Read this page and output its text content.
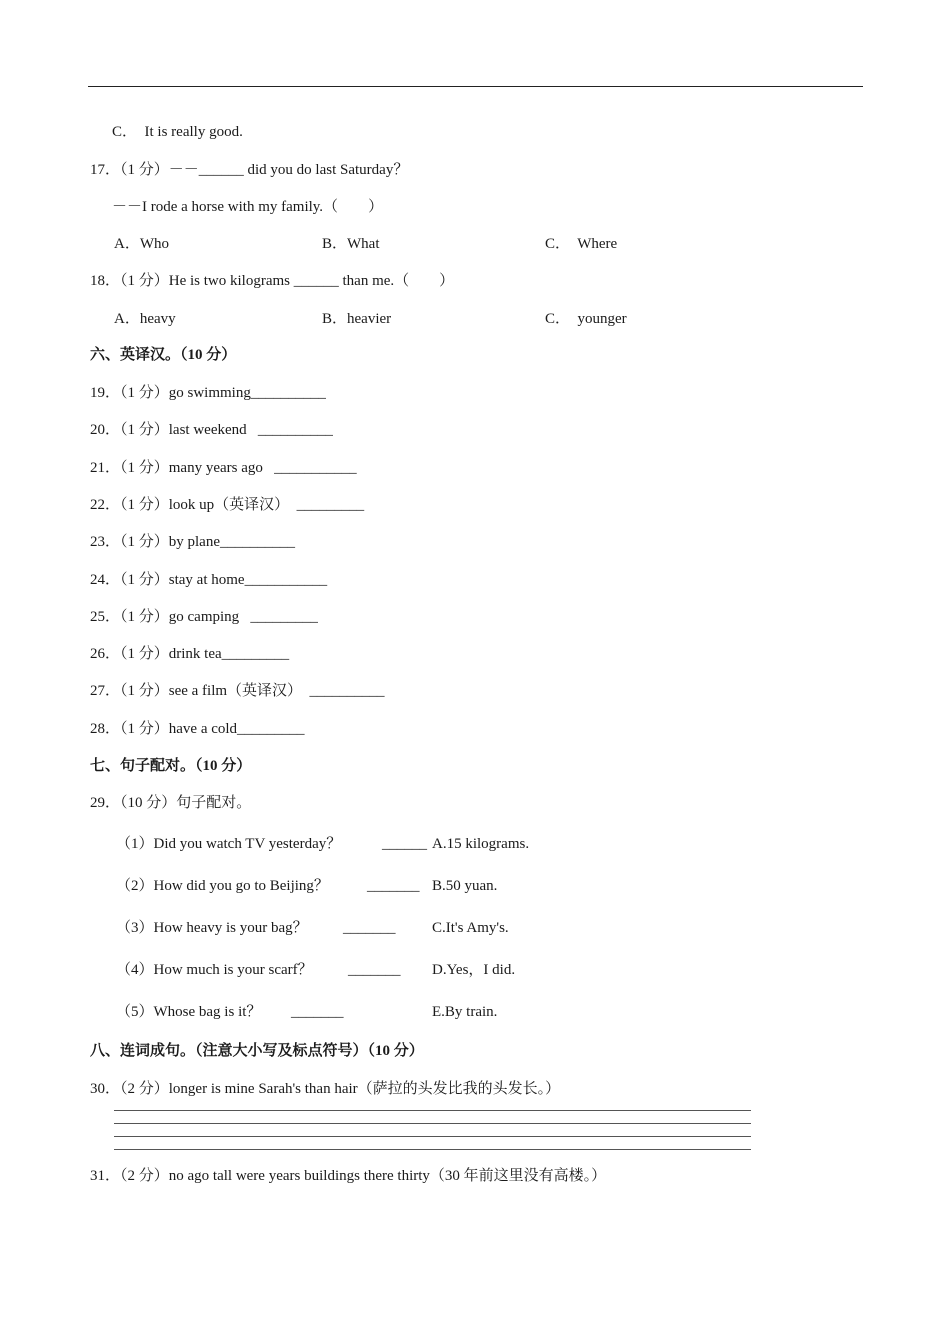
C．  It is really good.
17．（1 分）－－______ did you do last Saturday？
－－I rode a horse with my family.（　　）
A．Who	B．What	C．  Where
18．（1 分）He is two kilograms ______ than me.（　　）
A．heavy	B．heavier	C．  younger
六、英译汉。（10 分）
19．（1 分）go swimming__________
20．（1 分）last weekend   __________
21．（1 分）many years ago   ___________
22．（1 分）look up（英译汉）  _________
23．（1 分）by plane__________
24．（1 分）stay at home___________
25．（1 分）go camping   _________
26．（1 分）drink tea_________
27．（1 分）see a film（英译汉）  __________
28．（1 分）have a cold_________
七、句子配对。（10 分）
29．（10 分）句子配对。
（1）Did you watch TV yesterday？	______ A.15 kilograms.
（2）How did you go to Beijing？	_______ B.50 yuan.
（3）How heavy is your bag？ _______ C.It's Amy's.
（4）How much is your scarf？ _______ D.Yes，I did.
（5）Whose bag is it？ _______	E.By train.
八、连词成句。（注意大小写及标点符号）（10 分）
30．（2 分）longer is mine Sarah's than hair（萨拉的头发比我的头发长。）
31．（2 分）no ago tall were years buildings there thirty（30 年前这里没有高楼。）
